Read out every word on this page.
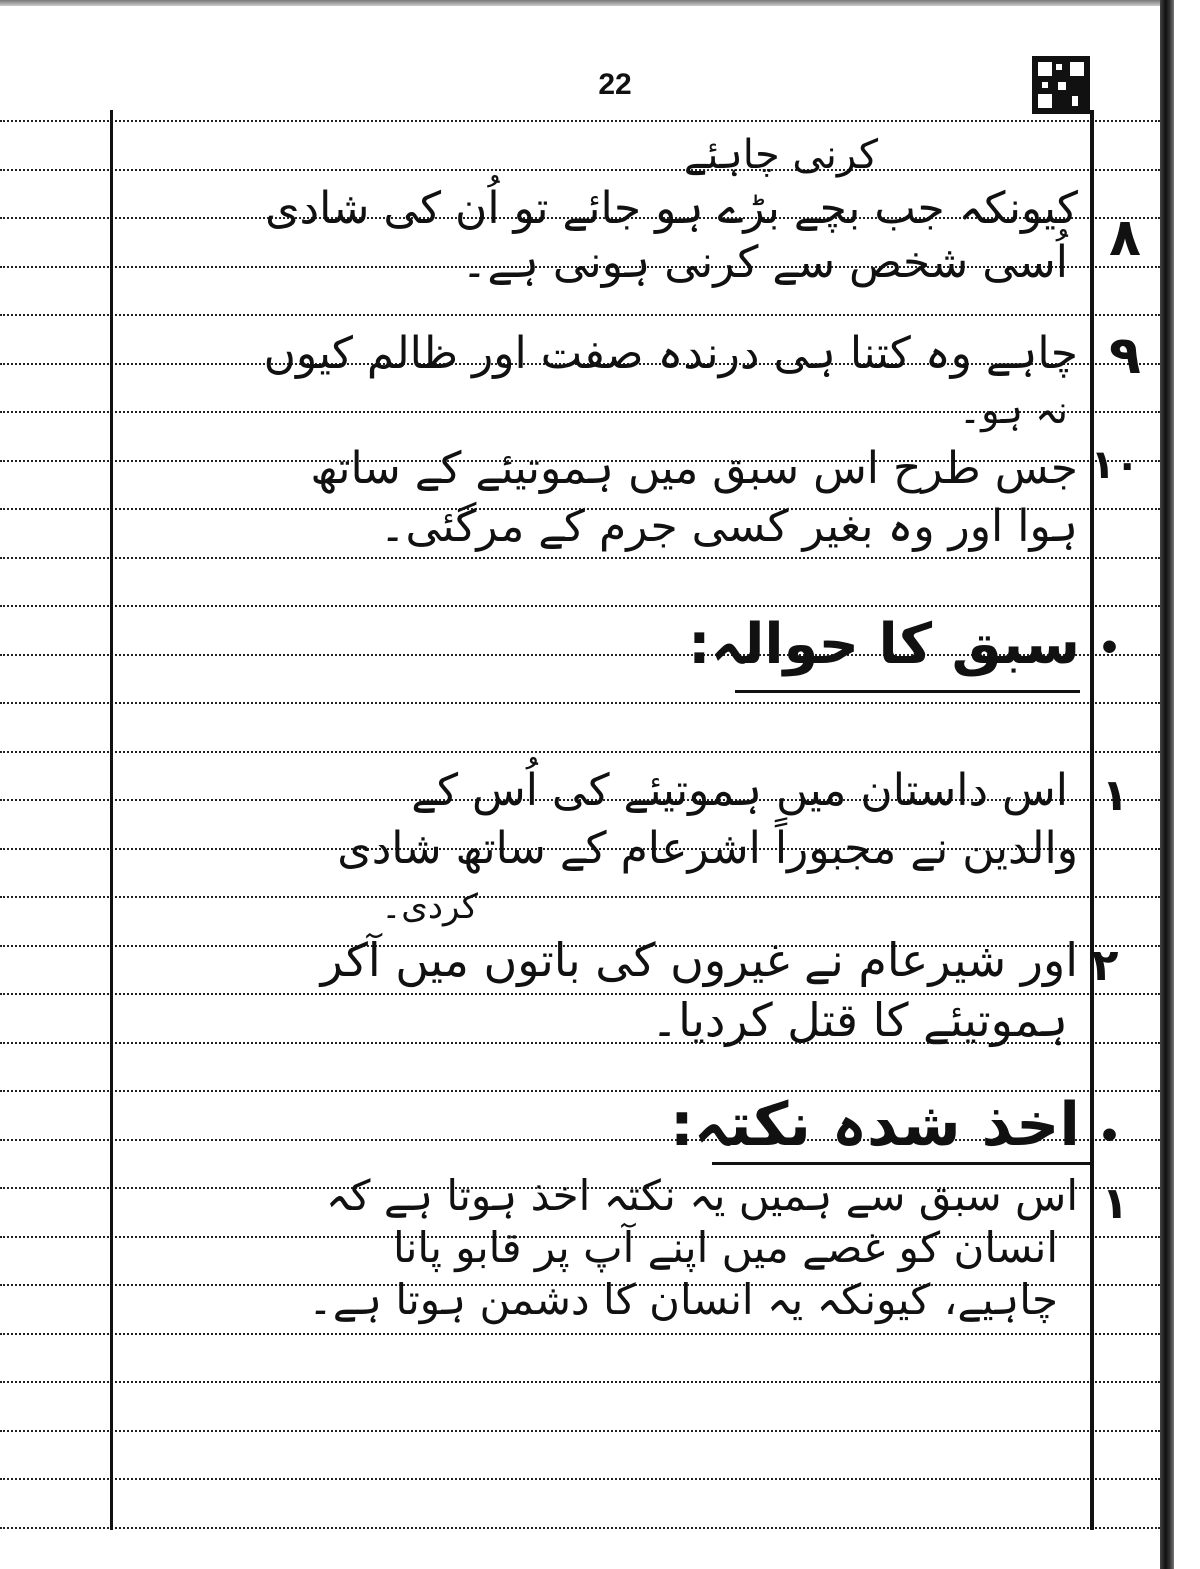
22
٨
کرنی چاہئے
کیونکہ جب بچے بڑے ہو جائے تو اُن کی شادی
اُسی شخص سے کرنی ہونی ہے۔
٩
چاہے وہ کتنا ہی درندہ صفت اور ظالم کیوں
نہ ہو۔
١٠
جس طرح اس سبق میں ہموتیئے کے ساتھ
ہوا اور وہ بغیر کسی جرم کے مرگئی۔
•
سبق کا حوالہ:
١
اس داستان میں ہموتیئے کی اُس کے
والدین نے مجبوراً اشرعام کے ساتھ شادی
کردی۔
٢
اور شیرعام نے غیروں کی باتوں میں آکر
ہموتیئے کا قتل کردیا۔
•
اخذ شدہ نکتہ:
١
اس سبق سے ہمیں یہ نکتہ اخذ ہوتا ہے کہ
انسان کو غصے میں اپنے آپ پر قابو پانا
چاہیے، کیونکہ یہ انسان کا دشمن ہوتا ہے۔
